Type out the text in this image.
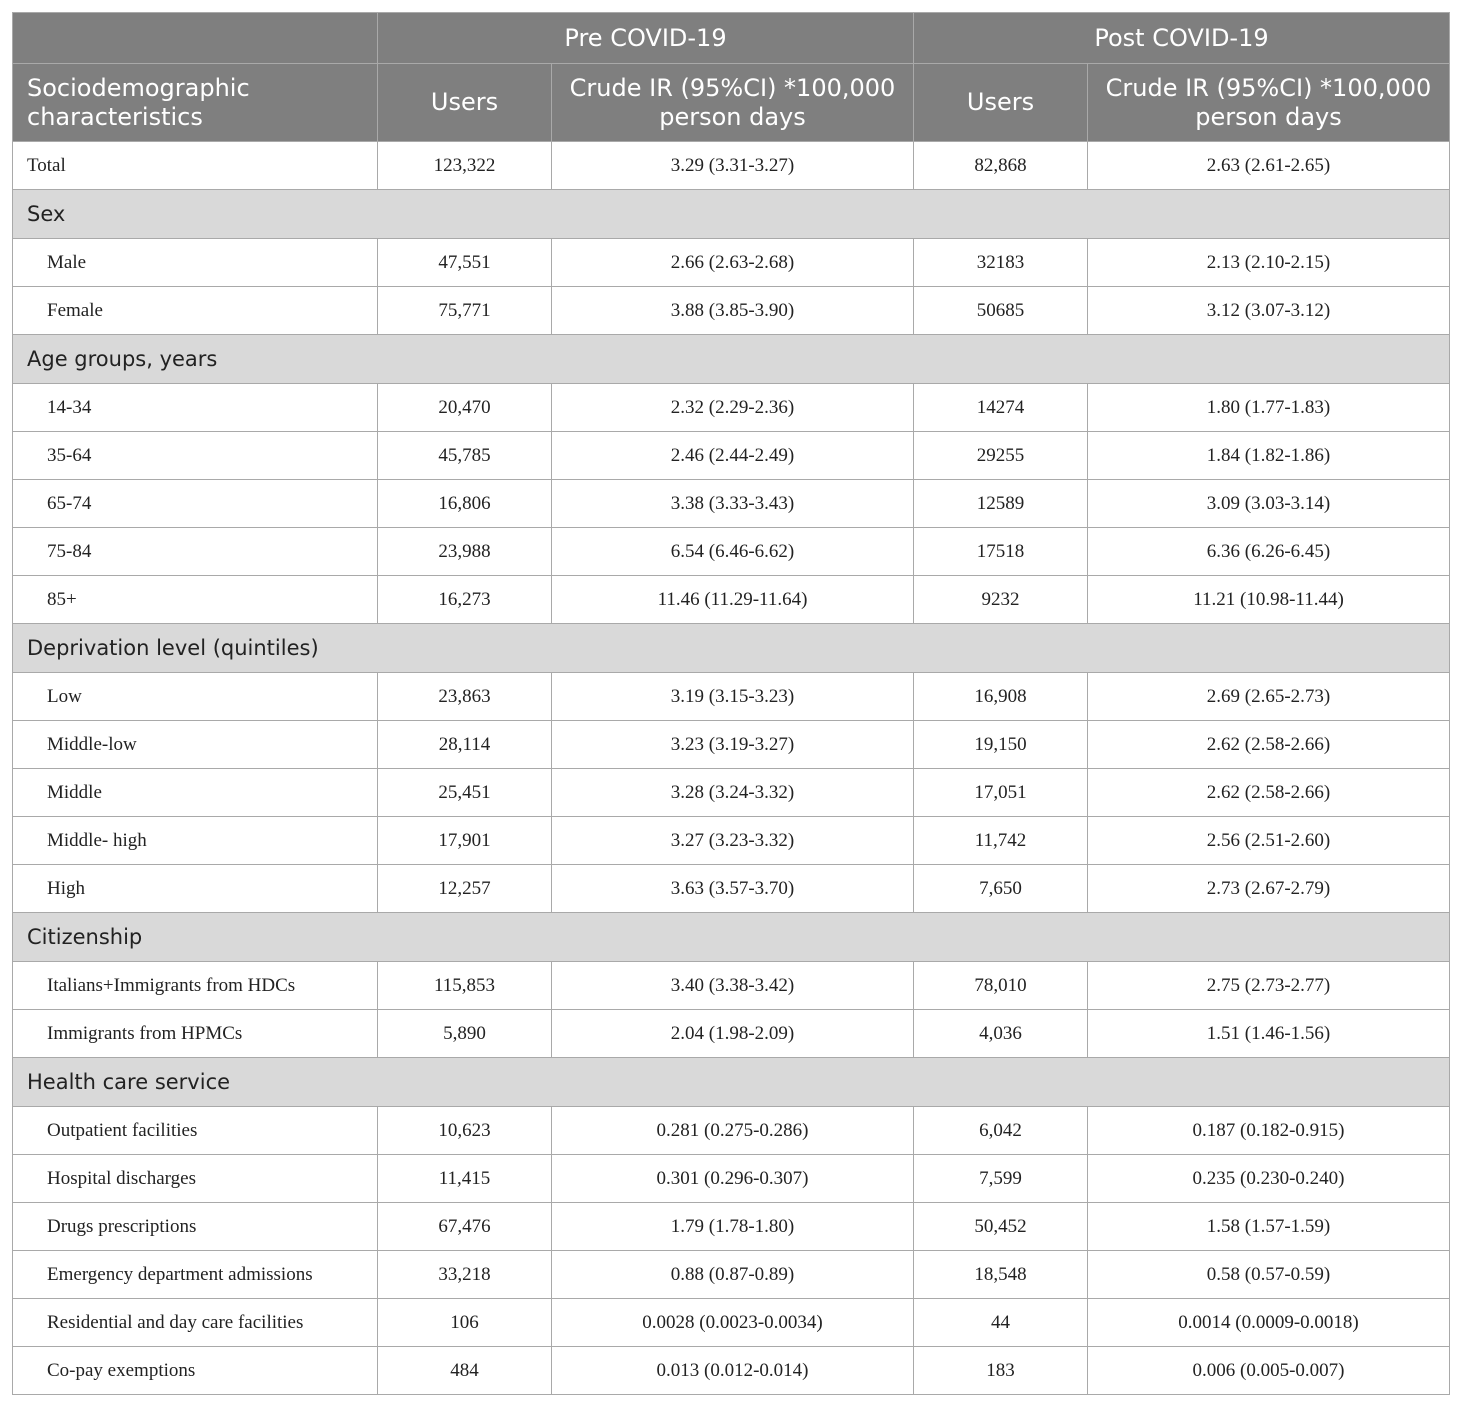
	Pre COVID-19		Post COVID-19	
Sociodemographic characteristics	Users	Crude IR (95%CI) *100,000 person days	Users	Crude IR (95%CI) *100,000 person days
Total	123,322	3.29 (3.31-3.27)	82,868	2.63 (2.61-2.65)
Sex				
Male	47,551	2.66 (2.63-2.68)	32183	2.13 (2.10-2.15)
Female	75,771	3.88 (3.85-3.90)	50685	3.12 (3.07-3.12)
Age groups, years				
14-34	20,470	2.32 (2.29-2.36)	14274	1.80 (1.77-1.83)
35-64	45,785	2.46 (2.44-2.49)	29255	1.84 (1.82-1.86)
65-74	16,806	3.38 (3.33-3.43)	12589	3.09 (3.03-3.14)
75-84	23,988	6.54 (6.46-6.62)	17518	6.36 (6.26-6.45)
85+	16,273	11.46 (11.29-11.64)	9232	11.21 (10.98-11.44)
Deprivation level (quintiles)				
Low	23,863	3.19 (3.15-3.23)	16,908	2.69 (2.65-2.73)
Middle-low	28,114	3.23 (3.19-3.27)	19,150	2.62 (2.58-2.66)
Middle	25,451	3.28 (3.24-3.32)	17,051	2.62 (2.58-2.66)
Middle- high	17,901	3.27 (3.23-3.32)	11,742	2.56 (2.51-2.60)
High	12,257	3.63 (3.57-3.70)	7,650	2.73 (2.67-2.79)
Citizenship				
Italians+Immigrants from HDCs	115,853	3.40 (3.38-3.42)	78,010	2.75 (2.73-2.77)
Immigrants from HPMCs	5,890	2.04 (1.98-2.09)	4,036	1.51 (1.46-1.56)
Health care service				
Outpatient facilities	10,623	0.281 (0.275-0.286)	6,042	0.187 (0.182-0.915)
Hospital discharges	11,415	0.301 (0.296-0.307)	7,599	0.235 (0.230-0.240)
Drugs prescriptions	67,476	1.79 (1.78-1.80)	50,452	1.58 (1.57-1.59)
Emergency department admissions	33,218	0.88 (0.87-0.89)	18,548	0.58 (0.57-0.59)
Residential and day care facilities	106	0.0028 (0.0023-0.0034)	44	0.0014 (0.0009-0.0018)
Co-pay exemptions	484	0.013 (0.012-0.014)	183	0.006 (0.005-0.007)
